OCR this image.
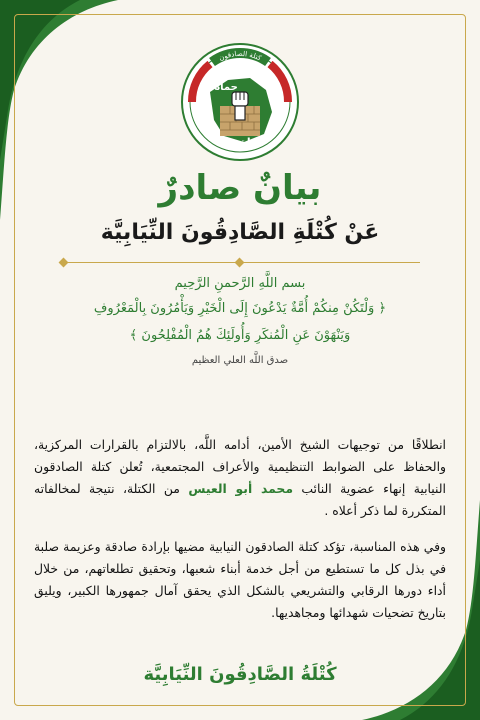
كتلة الصادقون
حماة
بناة
بيانٌ صادرٌ
عَنْ كُتْلَةِ الصَّادِقُونَ النِّيَابِيَّة
بسم اللَّهِ الرَّحمنِ الرَّحِيم
﴿ وَلْتَكُنْ مِنكُمْ أُمَّةٌ يَدْعُونَ إِلَى الْخَيْرِ وَيَأْمُرُونَ بِالْمَعْرُوفِ
وَيَنْهَوْنَ عَنِ الْمُنكَرِ وَأُولَئِكَ هُمُ الْمُفْلِحُونَ ﴾
صدق اللَّه العلي العظيم

انطلاقًا من توجيهات الشيخ الأمين، أدامه اللَّه، بالالتزام بالقرارات المركزية، والحفاظ على الضوابط التنظيمية والأعراف المجتمعية، تُعلن كتلة الصادقون النيابية إنهاء عضوية النائب محمد أبو العيس من الكتلة، نتيجة لمخالفاته المتكررة لما ذكر أعلاه .

وفي هذه المناسبة، تؤكد كتلة الصادقون النيابية مضيها بإرادة صادقة وعزيمة صلبة في بذل كل ما تستطيع من أجل خدمة أبناء شعبها، وتحقيق تطلعاتهم، من خلال أداء دورها الرقابي والتشريعي بالشكل الذي يحقق آمال جمهورها الكبير، ويليق بتاريخ تضحيات شهدائها ومجاهديها.

كُتْلَةُ الصَّادِقُونَ النِّيَابِيَّة
